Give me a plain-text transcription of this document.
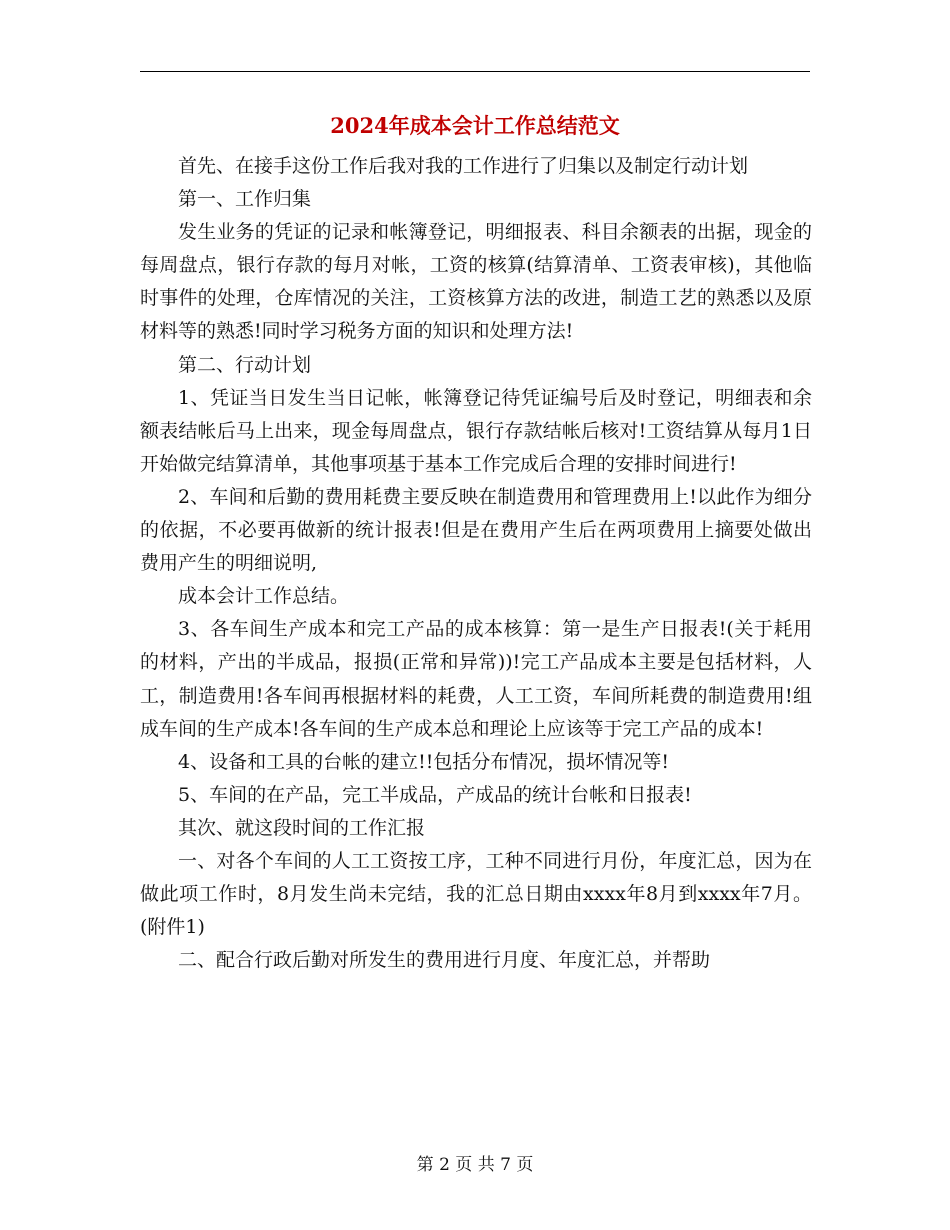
2024年成本会计工作总结范文

首先、在接手这份工作后我对我的工作进行了归集以及制定行动计划

第一、工作归集

发生业务的凭证的记录和帐簿登记，明细报表、科目余额表的出据，现金的每周盘点，银行存款的每月对帐，工资的核算(结算清单、工资表审核)，其他临时事件的处理，仓库情况的关注，工资核算方法的改进，制造工艺的熟悉以及原材料等的熟悉!同时学习税务方面的知识和处理方法!

第二、行动计划

1、凭证当日发生当日记帐，帐簿登记待凭证编号后及时登记，明细表和余额表结帐后马上出来，现金每周盘点，银行存款结帐后核对!工资结算从每月1日开始做完结算清单，其他事项基于基本工作完成后合理的安排时间进行!

2、车间和后勤的费用耗费主要反映在制造费用和管理费用上!以此作为细分的依据，不必要再做新的统计报表!但是在费用产生后在两项费用上摘要处做出费用产生的明细说明,

成本会计工作总结。

3、各车间生产成本和完工产品的成本核算：第一是生产日报表!(关于耗用的材料，产出的半成品，报损(正常和异常))!完工产品成本主要是包括材料，人工，制造费用!各车间再根据材料的耗费，人工工资，车间所耗费的制造费用!组成车间的生产成本!各车间的生产成本总和理论上应该等于完工产品的成本!

4、设备和工具的台帐的建立!!包括分布情况，损坏情况等!

5、车间的在产品，完工半成品，产成品的统计台帐和日报表!

其次、就这段时间的工作汇报

一、对各个车间的人工工资按工序，工种不同进行月份，年度汇总，因为在做此项工作时，8月发生尚未完结，我的汇总日期由xxxx年8月到xxxx年7月。(附件1)

二、配合行政后勤对所发生的费用进行月度、年度汇总，并帮助

第 2 页 共 7 页
